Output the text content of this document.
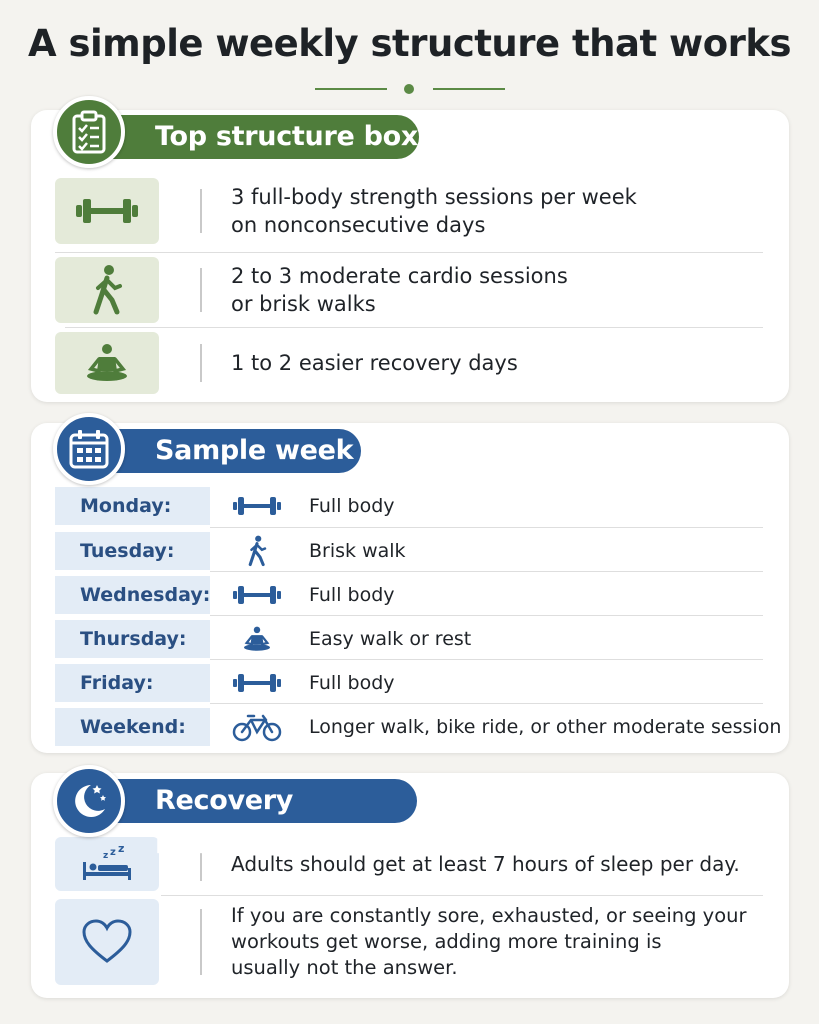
A simple weekly structure that works
Top structure box
3 full-body strength sessions per week
on nonconsecutive days
2 to 3 moderate cardio sessions
or brisk walks
1 to 2 easier recovery days
Sample week
Monday:	Full body
Tuesday:	Brisk walk
Wednesday:	Full body
Thursday:	Easy walk or rest
Friday:	Full body
Weekend:	Longer walk, bike ride, or other moderate session
Recovery reminder
z z z
Adults should get at least 7 hours of sleep per day.
If you are constantly sore, exhausted, or seeing your
workouts get worse, adding more training is
usually not the answer.
